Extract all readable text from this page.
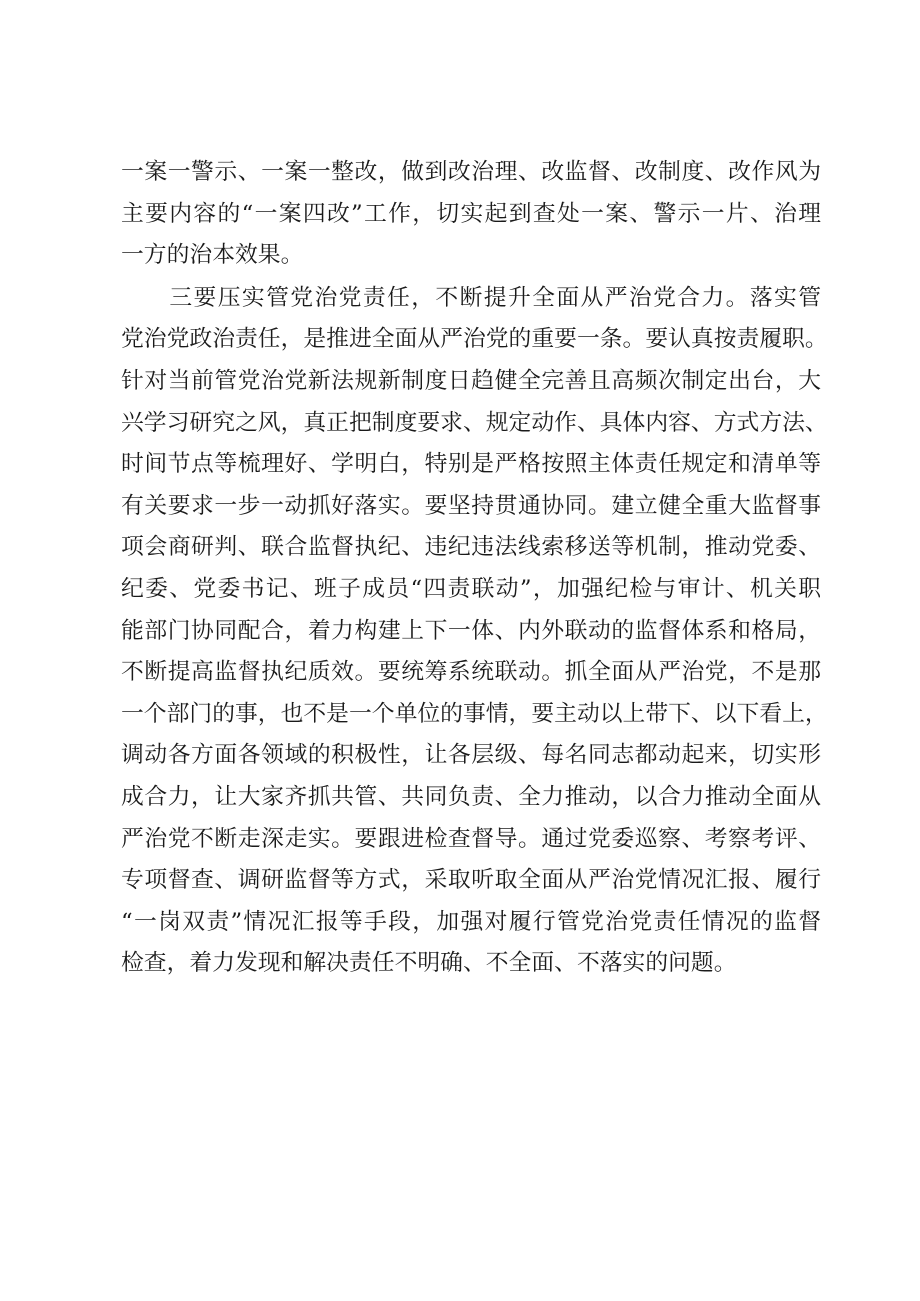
一案一警示、一案一整改，做到改治理、改监督、改制度、改作风为
主要内容的“一案四改”工作，切实起到查处一案、警示一片、治理
一方的治本效果。
　　三要压实管党治党责任，不断提升全面从严治党合力。落实管
党治党政治责任，是推进全面从严治党的重要一条。要认真按责履职。
针对当前管党治党新法规新制度日趋健全完善且高频次制定出台，大
兴学习研究之风，真正把制度要求、规定动作、具体内容、方式方法、
时间节点等梳理好、学明白，特别是严格按照主体责任规定和清单等
有关要求一步一动抓好落实。要坚持贯通协同。建立健全重大监督事
项会商研判、联合监督执纪、违纪违法线索移送等机制，推动党委、
纪委、党委书记、班子成员“四责联动”，加强纪检与审计、机关职
能部门协同配合，着力构建上下一体、内外联动的监督体系和格局，
不断提高监督执纪质效。要统筹系统联动。抓全面从严治党，不是那
一个部门的事，也不是一个单位的事情，要主动以上带下、以下看上，
调动各方面各领域的积极性，让各层级、每名同志都动起来，切实形
成合力，让大家齐抓共管、共同负责、全力推动，以合力推动全面从
严治党不断走深走实。要跟进检查督导。通过党委巡察、考察考评、
专项督查、调研监督等方式，采取听取全面从严治党情况汇报、履行
“一岗双责”情况汇报等手段，加强对履行管党治党责任情况的监督
检查，着力发现和解决责任不明确、不全面、不落实的问题。
